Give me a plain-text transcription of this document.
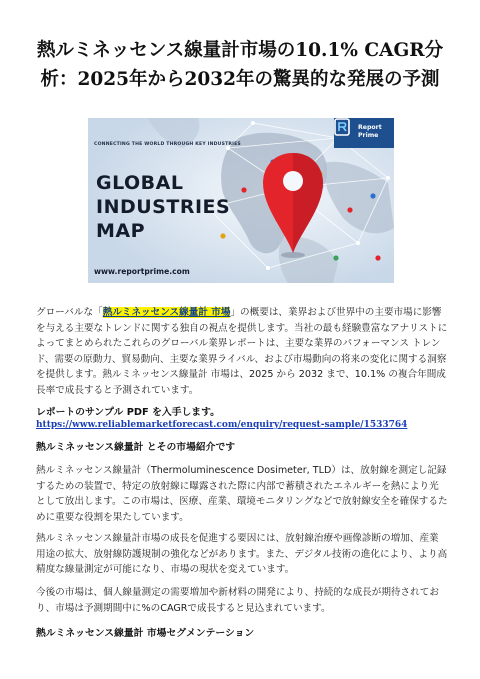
熱ルミネッセンス線量計市場の10.1% CAGR分析：2025年から2032年の驚異的な発展の予測
CONNECTING THE WORLD THROUGH KEY INDUSTRIES
GLOBAL
INDUSTRIES
MAP
www.reportprime.com
Report
Prime

グローバルな「熱ルミネッセンス線量計 市場」の概要は、業界および世界中の主要市場に影響を与える主要なトレンドに関する独自の視点を提供します。当社の最も経験豊富なアナリストによってまとめられたこれらのグローバル業界レポートは、主要な業界のパフォーマンス トレンド、需要の原動力、貿易動向、主要な業界ライバル、および市場動向の将来の変化に関する洞察を提供します。熱ルミネッセンス線量計 市場は、2025 から 2032 まで、10.1% の複合年間成長率で成長すると予測されています。

レポートのサンプル PDF を入手します。

https://www.reliablemarketforecast.com/enquiry/request-sample/1533764

熱ルミネッセンス線量計 とその市場紹介です

熱ルミネッセンス線量計（Thermoluminescence Dosimeter, TLD）は、放射線を測定し記録するための装置で、特定の放射線に曝露された際に内部で蓄積されたエネルギーを熱により光として放出します。この市場は、医療、産業、環境モニタリングなどで放射線安全を確保するために重要な役割を果たしています。

熱ルミネッセンス線量計市場の成長を促進する要因には、放射線治療や画像診断の増加、産業用途の拡大、放射線防護規制の強化などがあります。また、デジタル技術の進化により、より高精度な線量測定が可能になり、市場の現状を変えています。

今後の市場は、個人線量測定の需要増加や新材料の開発により、持続的な成長が期待されており、市場は予測期間中に%のCAGRで成長すると見込まれています。

熱ルミネッセンス線量計 市場セグメンテーション
